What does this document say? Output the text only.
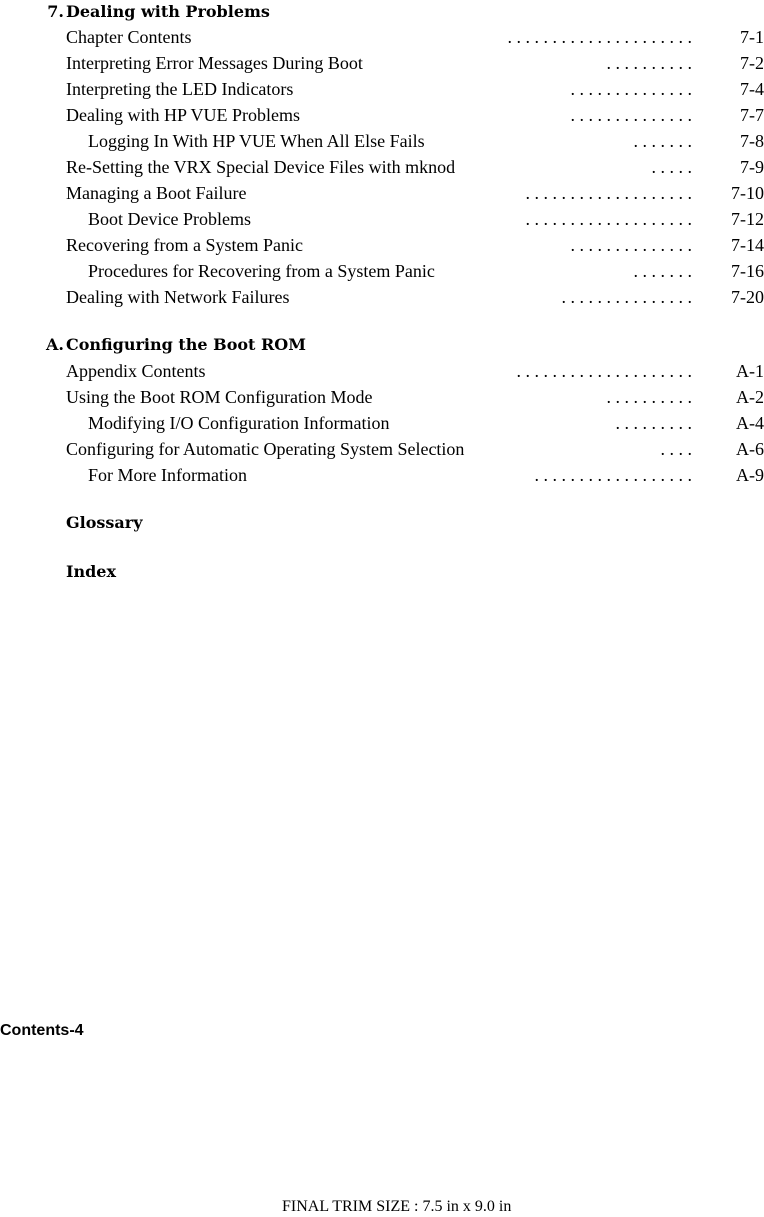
7. Dealing with Problems
Chapter Contents	. . . . . . . . . . . . . . . . . . . . .	7-1
Interpreting Error Messages During Boot	. . . . . . . . . .	7-2
Interpreting the LED Indicators	. . . . . . . . . . . . . .	7-4
Dealing with HP VUE Problems	. . . . . . . . . . . . . .	7-7
Logging In With HP VUE When All Else Fails	. . . . . . .	7-8
Re-Setting the VRX Special Device Files with mknod	. . . . .	7-9
Managing a Boot Failure	. . . . . . . . . . . . . . . . . . . 7-10
Boot Device Problems	. . . . . . . . . . . . . . . . . . . 7-12
Recovering from a System Panic	. . . . . . . . . . . . . . 7-14
Procedures for Recovering from a System Panic	. . . . . . . 7-16
Dealing with Network Failures	. . . . . . . . . . . . . . . 7-20
A. Configuring the Boot ROM
Appendix Contents	. . . . . . . . . . . . . . . . . . . . A-1
Using the Boot ROM Configuration Mode	. . . . . . . . . . A-2
Modifying I/O Configuration Information	. . . . . . . . . A-4
Configuring for Automatic Operating System Selection	. . . . A-6
For More Information	. . . . . . . . . . . . . . . . . . A-9
Glossary
Index
Contents-4
FINAL TRIM SIZE : 7.5 in x 9.0 in
